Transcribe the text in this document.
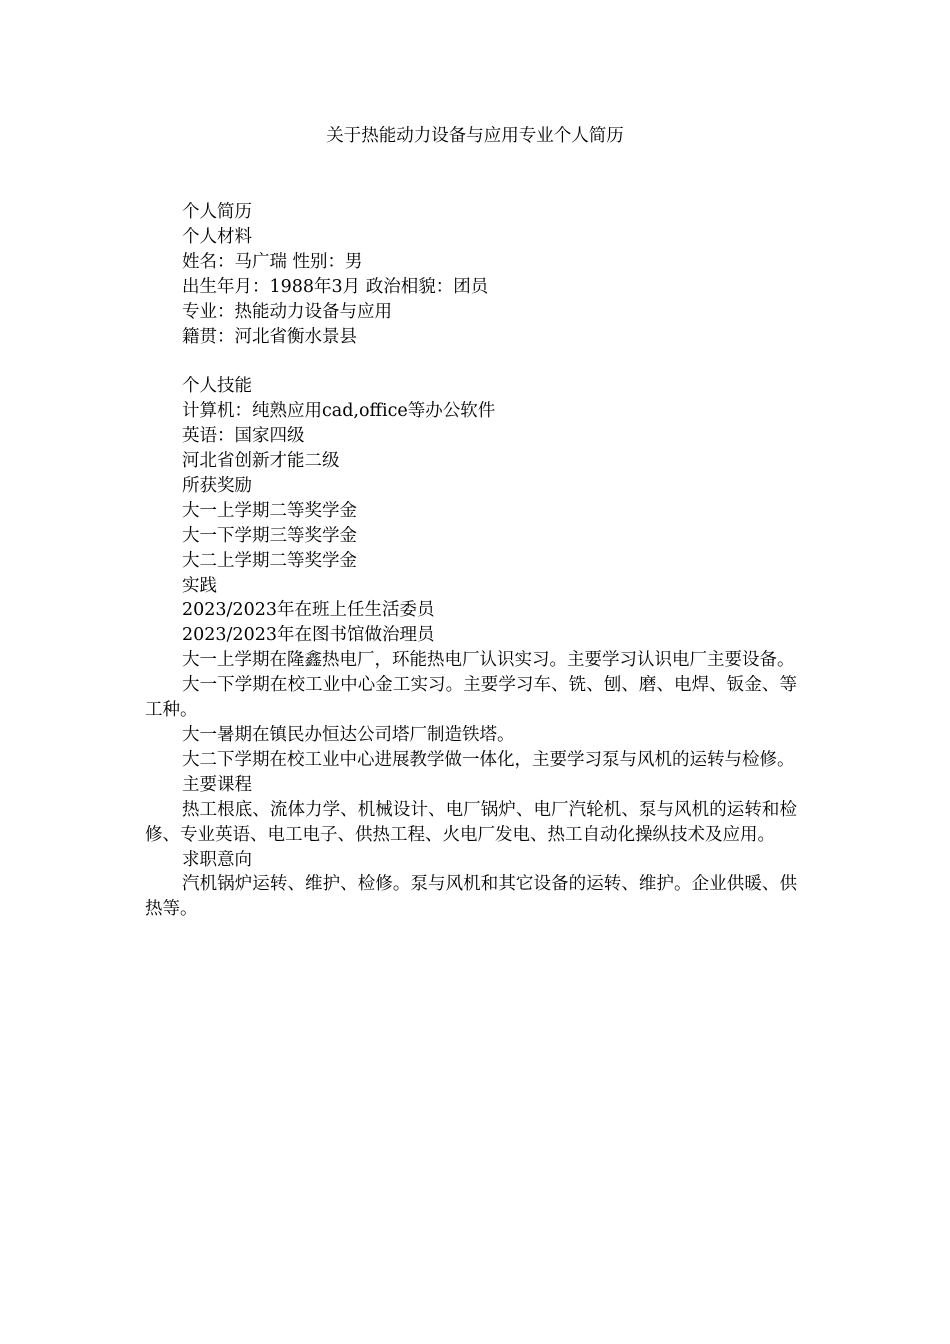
关于热能动力设备与应用专业个人简历

个人简历

个人材料

姓名：马广瑞 性别：男

出生年月：1988年3月 政治相貌：团员

专业：热能动力设备与应用

籍贯：河北省衡水景县

个人技能

计算机：纯熟应用cad,office等办公软件

英语：国家四级

河北省创新才能二级

所获奖励

大一上学期二等奖学金

大一下学期三等奖学金

大二上学期二等奖学金

实践

2023/2023年在班上任生活委员

2023/2023年在图书馆做治理员

大一上学期在隆鑫热电厂，环能热电厂认识实习。主要学习认识电厂主要设备。

大一下学期在校工业中心金工实习。主要学习车、铣、刨、磨、电焊、钣金、等工种。

大一暑期在镇民办恒达公司塔厂制造铁塔。

大二下学期在校工业中心进展教学做一体化，主要学习泵与风机的运转与检修。

主要课程

热工根底、流体力学、机械设计、电厂锅炉、电厂汽轮机、泵与风机的运转和检修、专业英语、电工电子、供热工程、火电厂发电、热工自动化操纵技术及应用。

求职意向

汽机锅炉运转、维护、检修。泵与风机和其它设备的运转、维护。企业供暖、供热等。
